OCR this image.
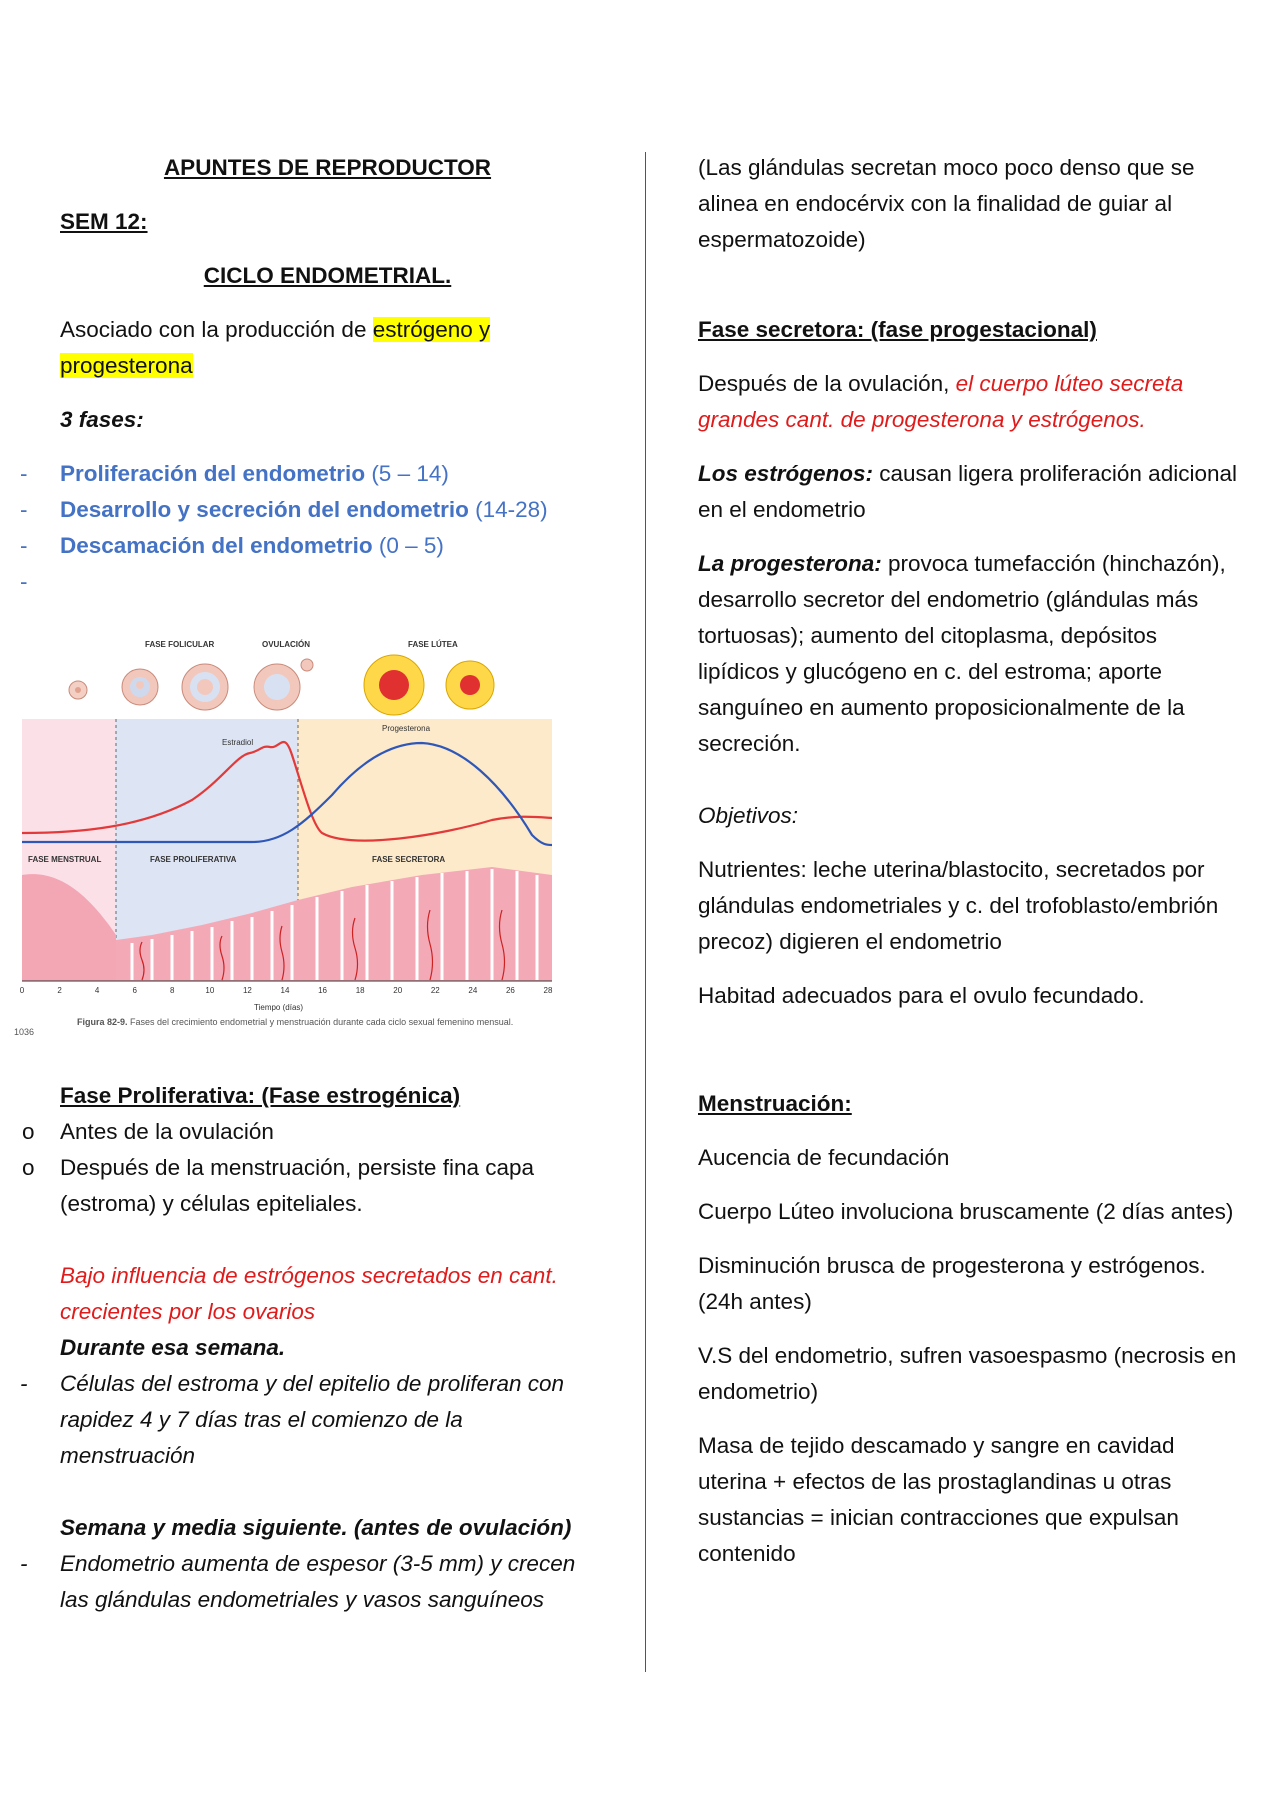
APUNTES DE REPRODUCTOR

SEM 12:

CICLO ENDOMETRIAL.

Asociado con la producción de estrógeno y
progesterona

3 fases:

- Proliferación del endometrio (5 – 14)
- Desarrollo y secreción del endometrio (14-28)
- Descamación del endometrio (0 – 5)
-
FASE FOLICULAR	OVULACIÓN	FASE LÚTEA
Estradiol
Progesterona
FASE MENSTRUAL	FASE PROLIFERATIVA	FASE SECRETORA
0	2	4	6	8	10	12	14	16	18	20	22	24	26	28
Tiempo (días)
Figura 82-9. Fases del crecimiento endometrial y menstruación durante cada ciclo sexual femenino mensual.
1036

Fase Proliferativa: (Fase estrogénica)

o Antes de la ovulación
o Después de la menstruación, persiste fina capa (estroma) y células epiteliales.

Bajo influencia de estrógenos secretados en cant. crecientes por los ovarios

Durante esa semana.

- Células del estroma y del epitelio de proliferan con rapidez 4 y 7 días tras el comienzo de la menstruación

Semana y media siguiente. (antes de ovulación)

- Endometrio aumenta de espesor (3-5 mm) y crecen las glándulas endometriales y vasos sanguíneos

(Las glándulas secretan moco poco denso que se alinea en endocérvix con la finalidad de guiar al espermatozoide)

Fase secretora: (fase progestacional)

Después de la ovulación, el cuerpo lúteo secreta grandes cant. de progesterona y estrógenos.

Los estrógenos: causan ligera proliferación adicional en el endometrio

La progesterona: provoca tumefacción (hinchazón), desarrollo secretor del endometrio (glándulas más tortuosas); aumento del citoplasma, depósitos lipídicos y glucógeno en c. del estroma; aporte sanguíneo en aumento proposicionalmente de la secreción.

Objetivos:

Nutrientes: leche uterina/blastocito, secretados por glándulas endometriales y c. del trofoblasto/embrión precoz) digieren el endometrio

Habitad adecuados para el ovulo fecundado.

Menstruación:

Aucencia de fecundación

Cuerpo Lúteo involuciona bruscamente (2 días antes)

Disminución brusca de progesterona y estrógenos. (24h antes)

V.S del endometrio, sufren vasoespasmo (necrosis en endometrio)

Masa de tejido descamado y sangre en cavidad uterina + efectos de las prostaglandinas u otras sustancias = inician contracciones que expulsan contenido
